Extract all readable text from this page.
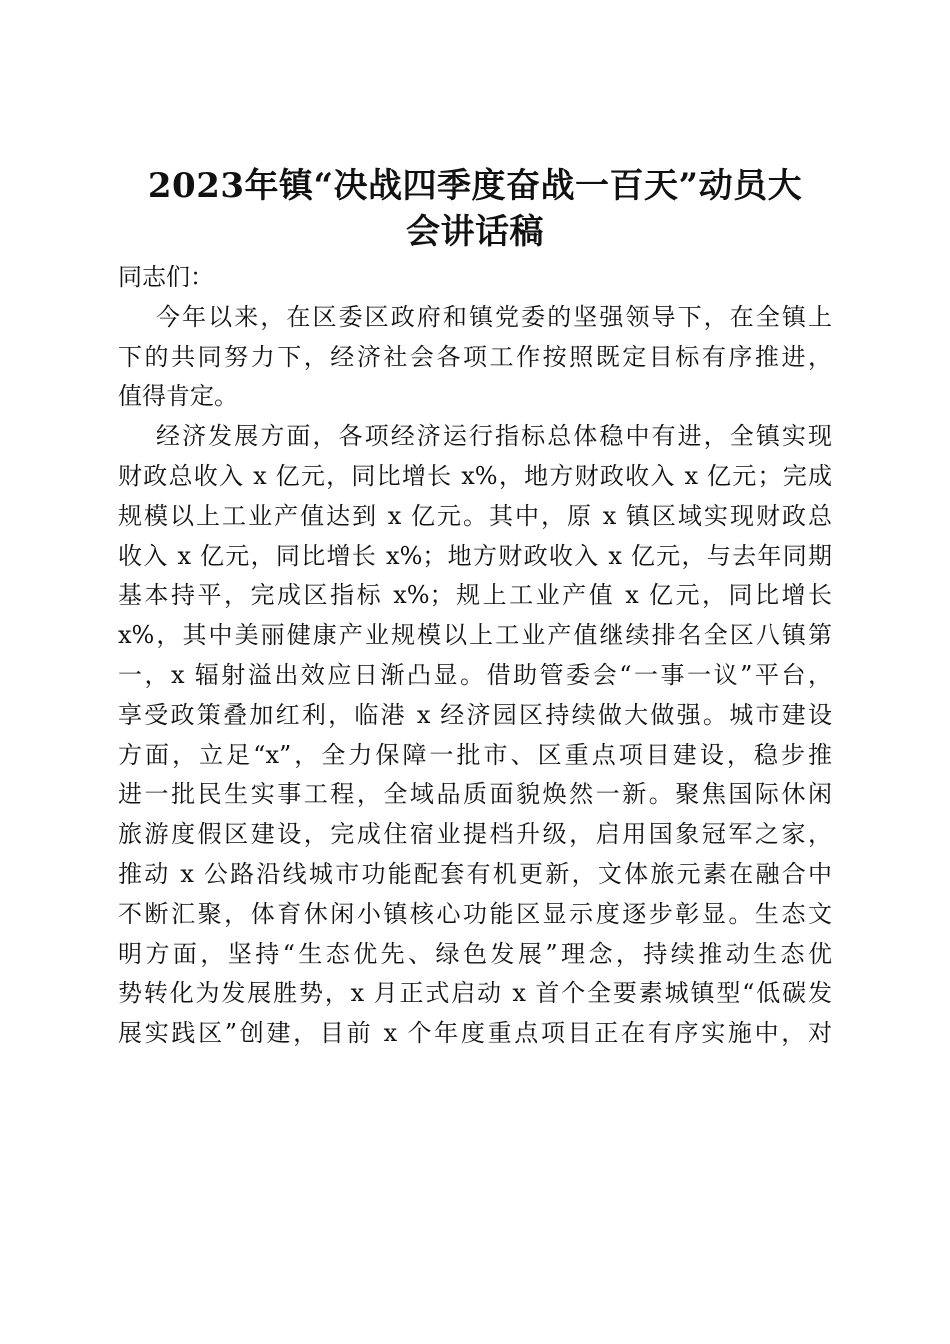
2023年镇“决战四季度奋战一百天”动员大
会讲话稿

同志们：

今年以来，在区委区政府和镇党委的坚强领导下，在全镇上
下的共同努力下，经济社会各项工作按照既定目标有序推进，
值得肯定。

经济发展方面，各项经济运行指标总体稳中有进，全镇实现
财政总收入 x 亿元，同比增长 x%，地方财政收入 x 亿元；完成
规模以上工业产值达到 x 亿元。其中，原 x 镇区域实现财政总
收入 x 亿元，同比增长 x%；地方财政收入 x 亿元，与去年同期
基本持平，完成区指标 x%；规上工业产值 x 亿元，同比增长
x%，其中美丽健康产业规模以上工业产值继续排名全区八镇第
一，x 辐射溢出效应日渐凸显。借助管委会“一事一议”平台，
享受政策叠加红利，临港 x 经济园区持续做大做强。城市建设
方面，立足“x”，全力保障一批市、区重点项目建设，稳步推
进一批民生实事工程，全域品质面貌焕然一新。聚焦国际休闲
旅游度假区建设，完成住宿业提档升级，启用国象冠军之家，
推动 x 公路沿线城市功能配套有机更新，文体旅元素在融合中
不断汇聚，体育休闲小镇核心功能区显示度逐步彰显。生态文
明方面，坚持“生态优先、绿色发展”理念，持续推动生态优
势转化为发展胜势，x 月正式启动 x 首个全要素城镇型“低碳发
展实践区”创建，目前 x 个年度重点项目正在有序实施中，对
